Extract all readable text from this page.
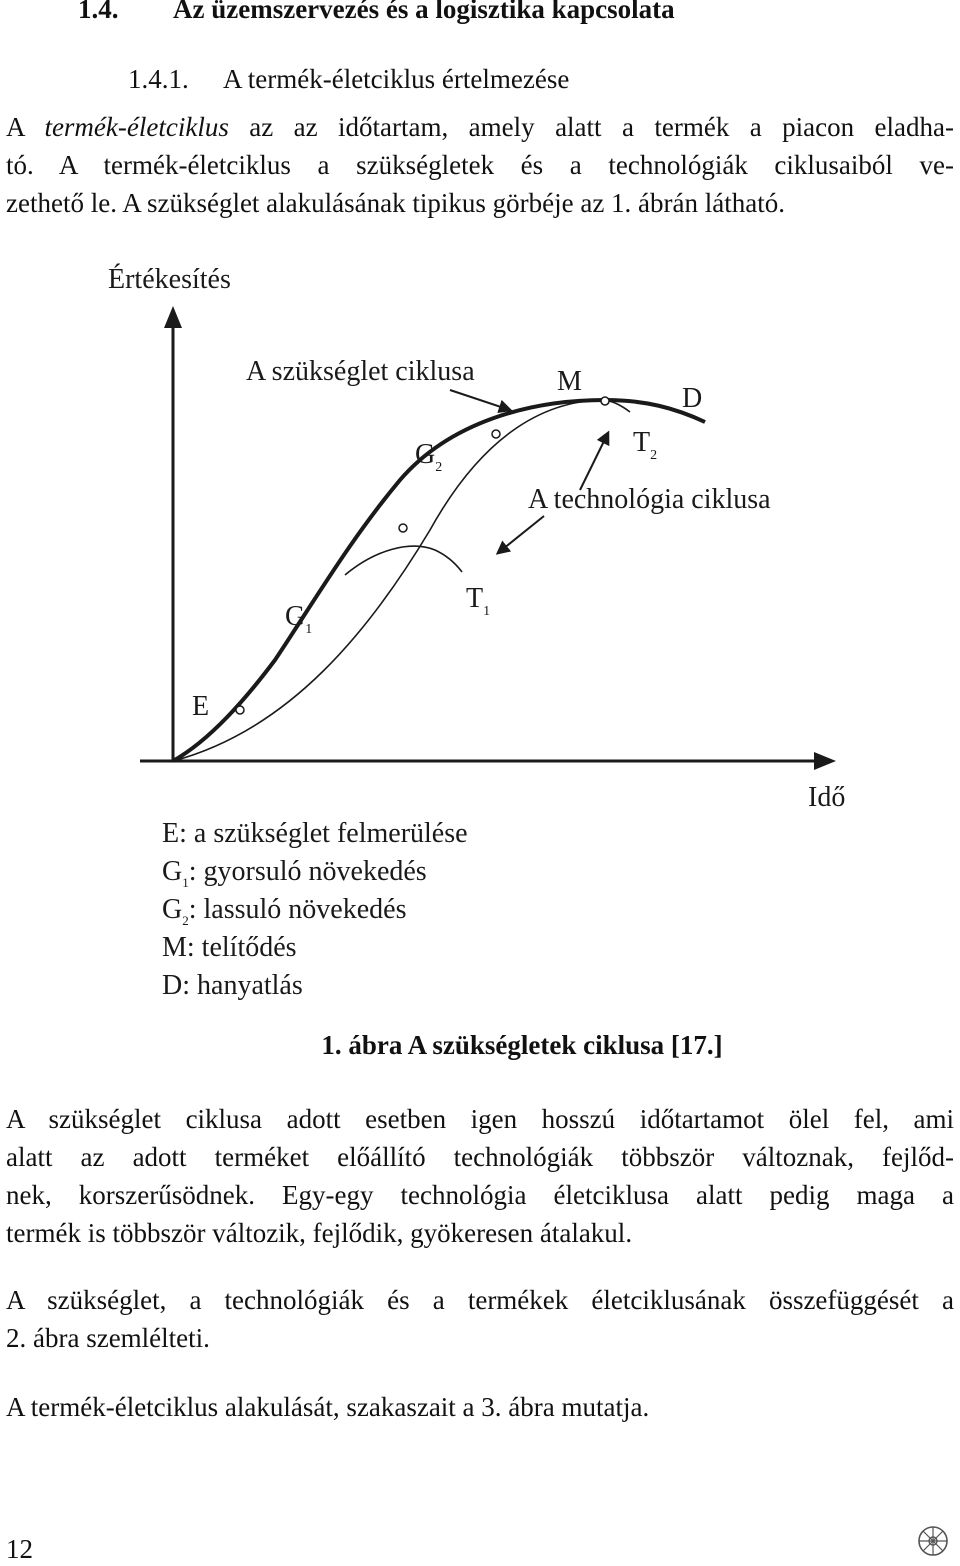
1.4. Az üzemszervezés és a logisztika kapcsolata
1.4.1. A termék-életciklus értelmezése
A termék-életciklus az az időtartam, amely alatt a termék a piacon eladha-
tó. A termék-életciklus a szükségletek és a technológiák ciklusaiból ve-
zethető le. A szükséglet alakulásának tipikus görbéje az 1. ábrán látható.
Értékesítés
Idő
E
$G_1$
$G_2$
M
D
$T_1$
$T_2$
A szükséglet ciklusa
A technológia ciklusa
E: a szükséglet felmerülése
$G_1$: gyorsuló növekedés
$G_2$: lassuló növekedés
M: telítődés
D: hanyatlás
1. ábra A szükségletek ciklusa [17.]
A szükséglet ciklusa adott esetben igen hosszú időtartamot ölel fel, ami
alatt az adott terméket előállító technológiák többször változnak, fejlőd-
nek, korszerűsödnek. Egy-egy technológia életciklusa alatt pedig maga a
termék is többször változik, fejlődik, gyökeresen átalakul.
A szükséglet, a technológiák és a termékek életciklusának összefüggését a
2. ábra szemlélteti.
A termék-életciklus alakulását, szakaszait a 3. ábra mutatja.
12
